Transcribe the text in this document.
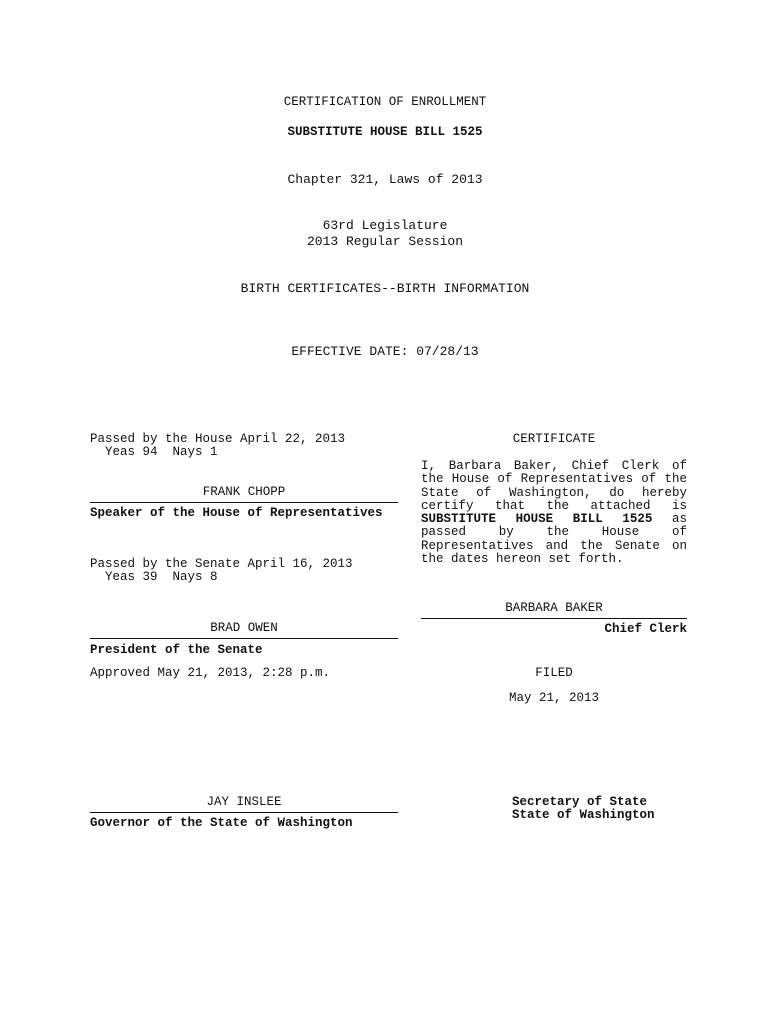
CERTIFICATION OF ENROLLMENT
SUBSTITUTE HOUSE BILL 1525
Chapter 321, Laws of 2013
63rd Legislature
2013 Regular Session
BIRTH CERTIFICATES--BIRTH INFORMATION
EFFECTIVE DATE: 07/28/13
Passed by the House April 22, 2013
Yeas 94  Nays 1
FRANK CHOPP
Speaker of the House of Representatives
Passed by the Senate April 16, 2013
Yeas 39  Nays 8
BRAD OWEN
President of the Senate
Approved May 21, 2013, 2:28 p.m.
JAY INSLEE
Governor of the State of Washington
CERTIFICATE
I, Barbara Baker, Chief Clerk of the House of Representatives of the State of Washington, do hereby certify that the attached is SUBSTITUTE HOUSE BILL 1525 as passed by the House of Representatives and the Senate on the dates hereon set forth.
BARBARA BAKER
Chief Clerk
FILED
May 21, 2013
Secretary of State
State of Washington
